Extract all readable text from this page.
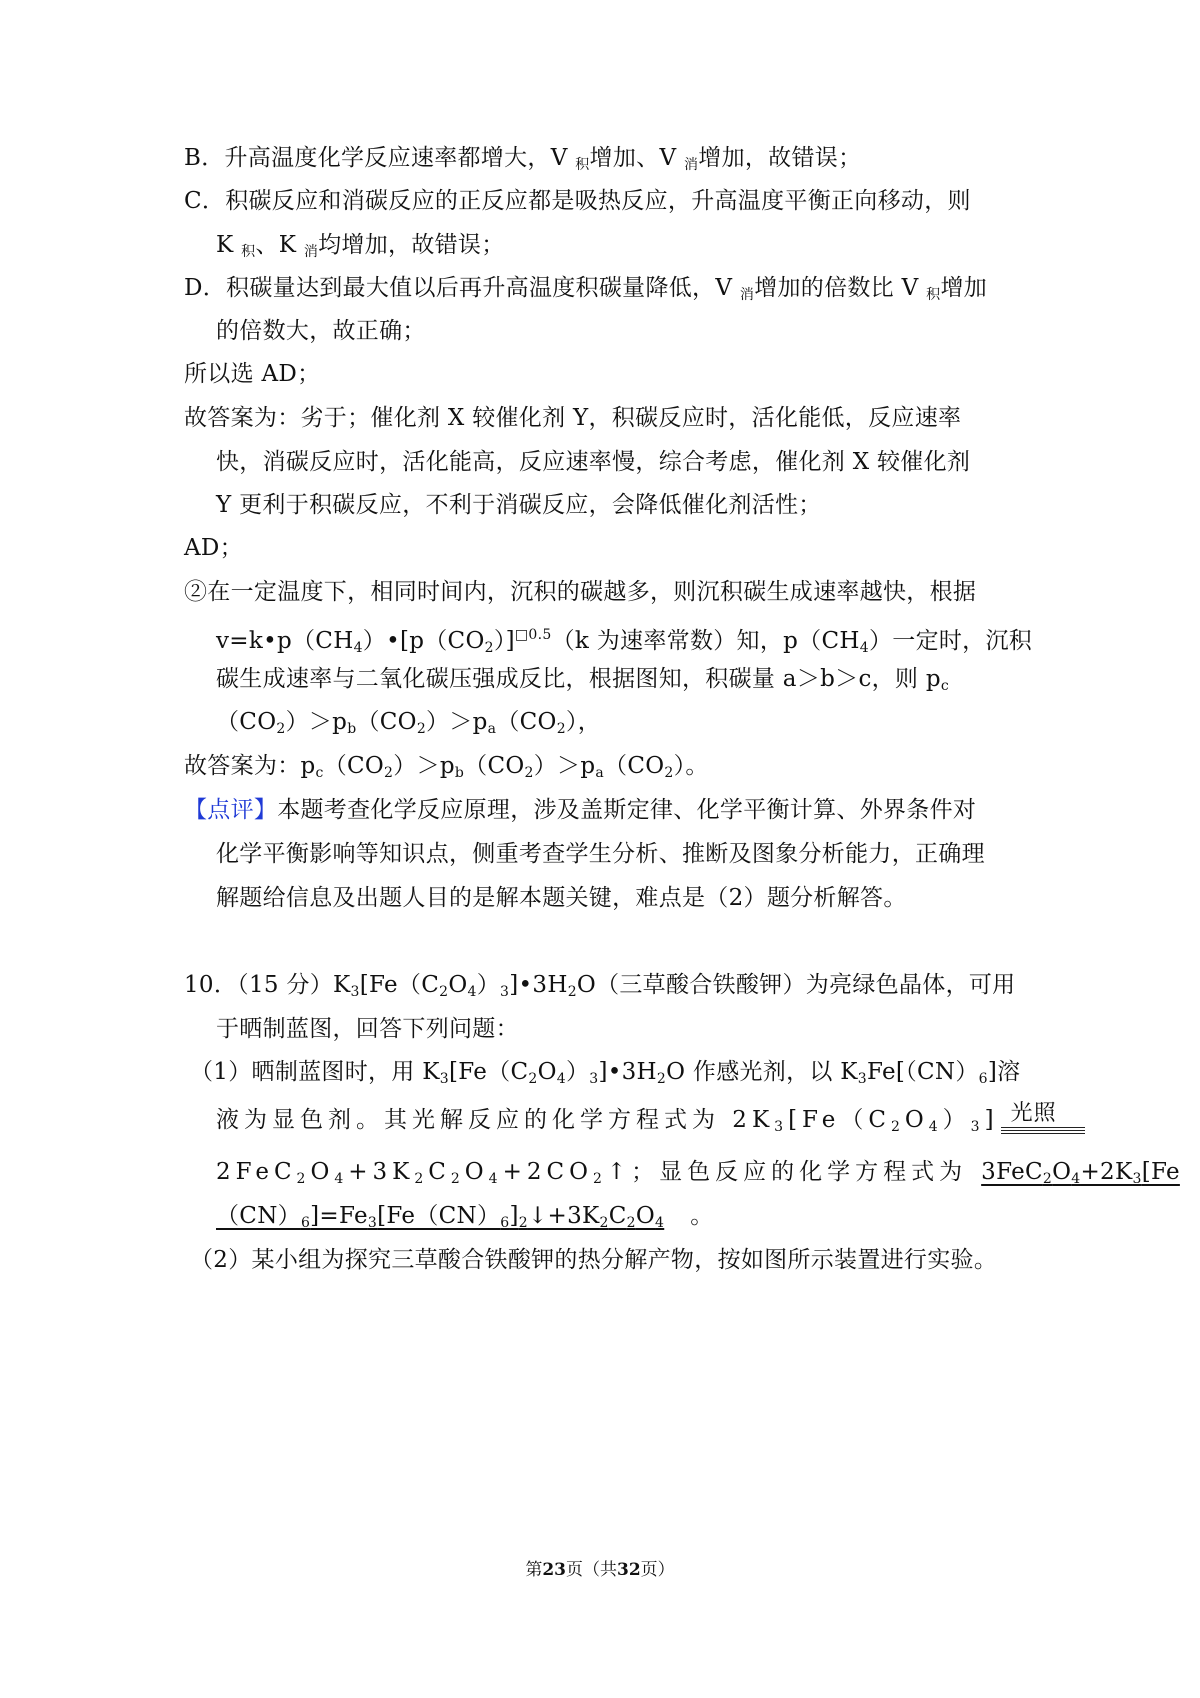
B．升高温度化学反应速率都增大，V $_积$增加、V $_消$增加，故错误；
C．积碳反应和消碳反应的正反应都是吸热反应，升高温度平衡正向移动，则
K $_积$、K $_消$均增加，故错误；
D．积碳量达到最大值以后再升高温度积碳量降低，V $_消$增加的倍数比 V $_积$增加
的倍数大，故正确；
所以选 AD；
故答案为：劣于；催化剂 X 较催化剂 Y，积碳反应时，活化能低，反应速率
快，消碳反应时，活化能高，反应速率慢，综合考虑，催化剂 X 较催化剂
Y 更利于积碳反应，不利于消碳反应，会降低催化剂活性；
AD；
②在一定温度下，相同时间内，沉积的碳越多，则沉积碳生成速率越快，根据
$v=k•p(CH_4)•[p(CO_2)]^{□0.5}(k$ 为速率常数）知，$p(CH_4)$一定时，沉积
碳生成速率与二氧化碳压强成反比，根据图知，积碳量 a＞b＞c，则 $p_c$
$(CO_2)>p_b(CO_2)>p_a(CO_2)$，
故答案为：$p_c(CO_2)>p_b(CO_2)>p_a(CO_2)$。
【点评】本题考查化学反应原理，涉及盖斯定律、化学平衡计算、外界条件对
化学平衡影响等知识点，侧重考查学生分析、推断及图象分析能力，正确理
解题给信息及出题人目的是解本题关键，难点是（2）题分析解答。
10．（15 分）$K_3[Fe(C_2O_4)_3]•3H_2O$（三草酸合铁酸钾）为亮绿色晶体，可用
于晒制蓝图，回答下列问题：
（1）晒制蓝图时，用 $K_3[Fe(C_2O_4)_3]•3H_2O$ 作感光剂，以 $K_3Fe[(CN)_6]$溶
液为显色剂。其光解反应的化学方程式为 $2K_3[Fe(C_2O_4)_3]$ 光照
$2FeC_2O_4+3K_2C_2O_4+2CO_2↑$；显色反应的化学方程式为 $3FeC_2O_4+2K_3[Fe$
$(CN)_6]=Fe_3[Fe(CN)_6]_2↓+3K_2C_2O_4$ 。
（2）某小组为探究三草酸合铁酸钾的热分解产物，按如图所示装置进行实验。
第23页（共32页）
